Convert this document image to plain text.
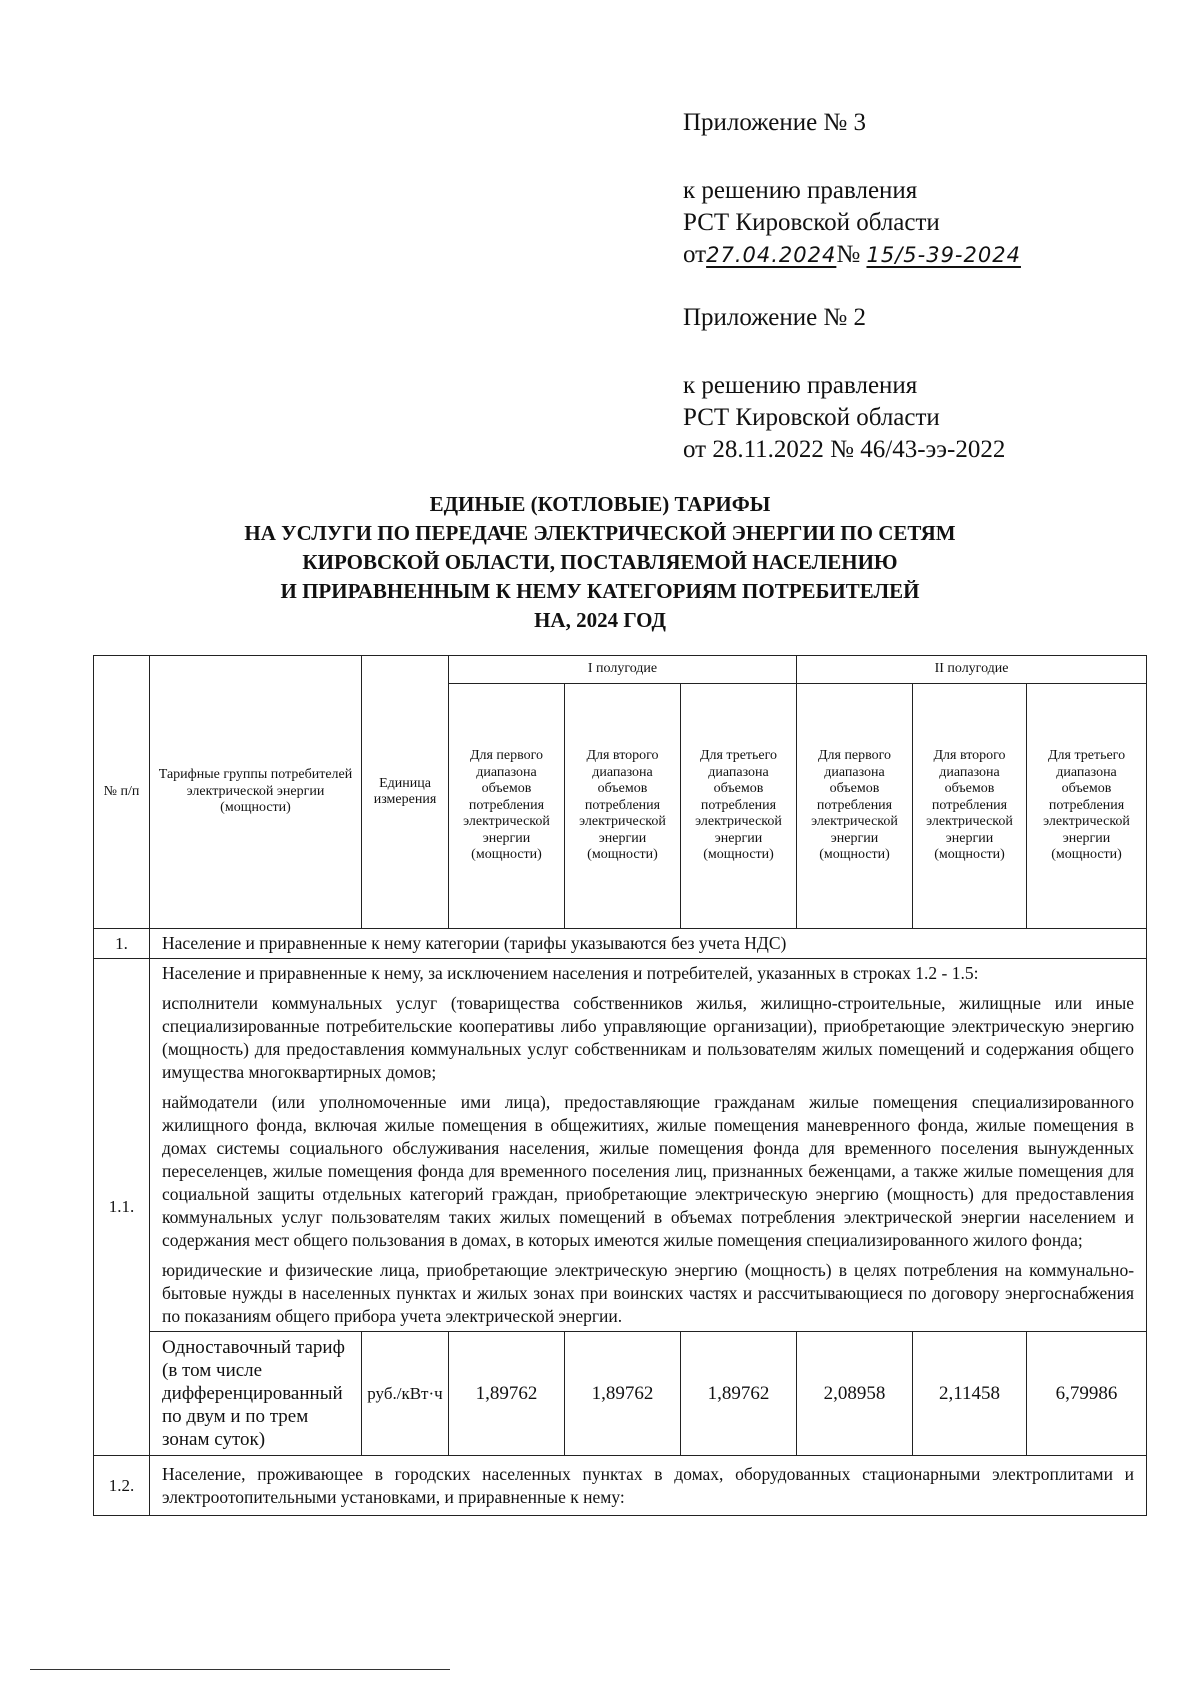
Приложение № 3
к решению правления
РСТ Кировской области
от27.04.2024№ 15/5-39-2024
Приложение № 2
к решению правления
РСТ Кировской области
от 28.11.2022 № 46/43-ээ-2022
ЕДИНЫЕ (КОТЛОВЫЕ) ТАРИФЫ
НА УСЛУГИ ПО ПЕРЕДАЧЕ ЭЛЕКТРИЧЕСКОЙ ЭНЕРГИИ ПО СЕТЯМ
КИРОВСКОЙ ОБЛАСТИ, ПОСТАВЛЯЕМОЙ НАСЕЛЕНИЮ
И ПРИРАВНЕННЫМ К НЕМУ КАТЕГОРИЯМ ПОТРЕБИТЕЛЕЙ
НА, 2024 ГОД
№ п/п	Тарифные группы потребителей электрической энергии (мощности)	Единица измерения	I полугодие			II полугодие		
			Для первого диапазона объемов потребления электрической энергии (мощности)	Для второго диапазона объемов потребления электрической энергии (мощности)	Для третьего диапазона объемов потребления электрической энергии (мощности)	Для первого диапазона объемов потребления электрической энергии (мощности)	Для второго диапазона объемов потребления электрической энергии (мощности)	Для третьего диапазона объемов потребления электрической энергии (мощности)
1.	Население и приравненные к нему категории (тарифы указываются без учета НДС)							
1.1.	Население и приравненные к нему, за исключением населения и потребителей, указанных в строках 1.2 - 1.5:

исполнители коммунальных услуг (товарищества собственников жилья, жилищно-строительные, жилищные или иные специализированные потребительские кооперативы либо управляющие организации), приобретающие электрическую энергию (мощность) для предоставления коммунальных услуг собственникам и пользователям жилых помещений и содержания общего имущества многоквартирных домов;

наймодатели (или уполномоченные ими лица), предоставляющие гражданам жилые помещения специализированного жилищного фонда, включая жилые помещения в общежитиях, жилые помещения маневренного фонда, жилые помещения в домах системы социального обслуживания населения, жилые помещения фонда для временного поселения вынужденных переселенцев, жилые помещения фонда для временного поселения лиц, признанных беженцами, а также жилые помещения для социальной защиты отдельных категорий граждан, приобретающие электрическую энергию (мощность) для предоставления коммунальных услуг пользователям таких жилых помещений в объемах потребления электрической энергии населением и содержания мест общего пользования в домах, в которых имеются жилые помещения специализированного жилого фонда;

юридические и физические лица, приобретающие электрическую энергию (мощность) в целях потребления на коммунально-бытовые нужды в населенных пунктах и жилых зонах при воинских частях и рассчитывающиеся по договору энергоснабжения по показаниям общего прибора учета электрической энергии.							

	Одноставочный тариф (в том числе дифференцированный по двум и по трем зонам суток)	руб./кВт·ч	1,89762	1,89762	1,89762	2,08958	2,11458	6,79986
1.2.	Население, проживающее в городских населенных пунктах в домах, оборудованных стационарными электроплитами и электроотопительными установками, и приравненные к нему:							
